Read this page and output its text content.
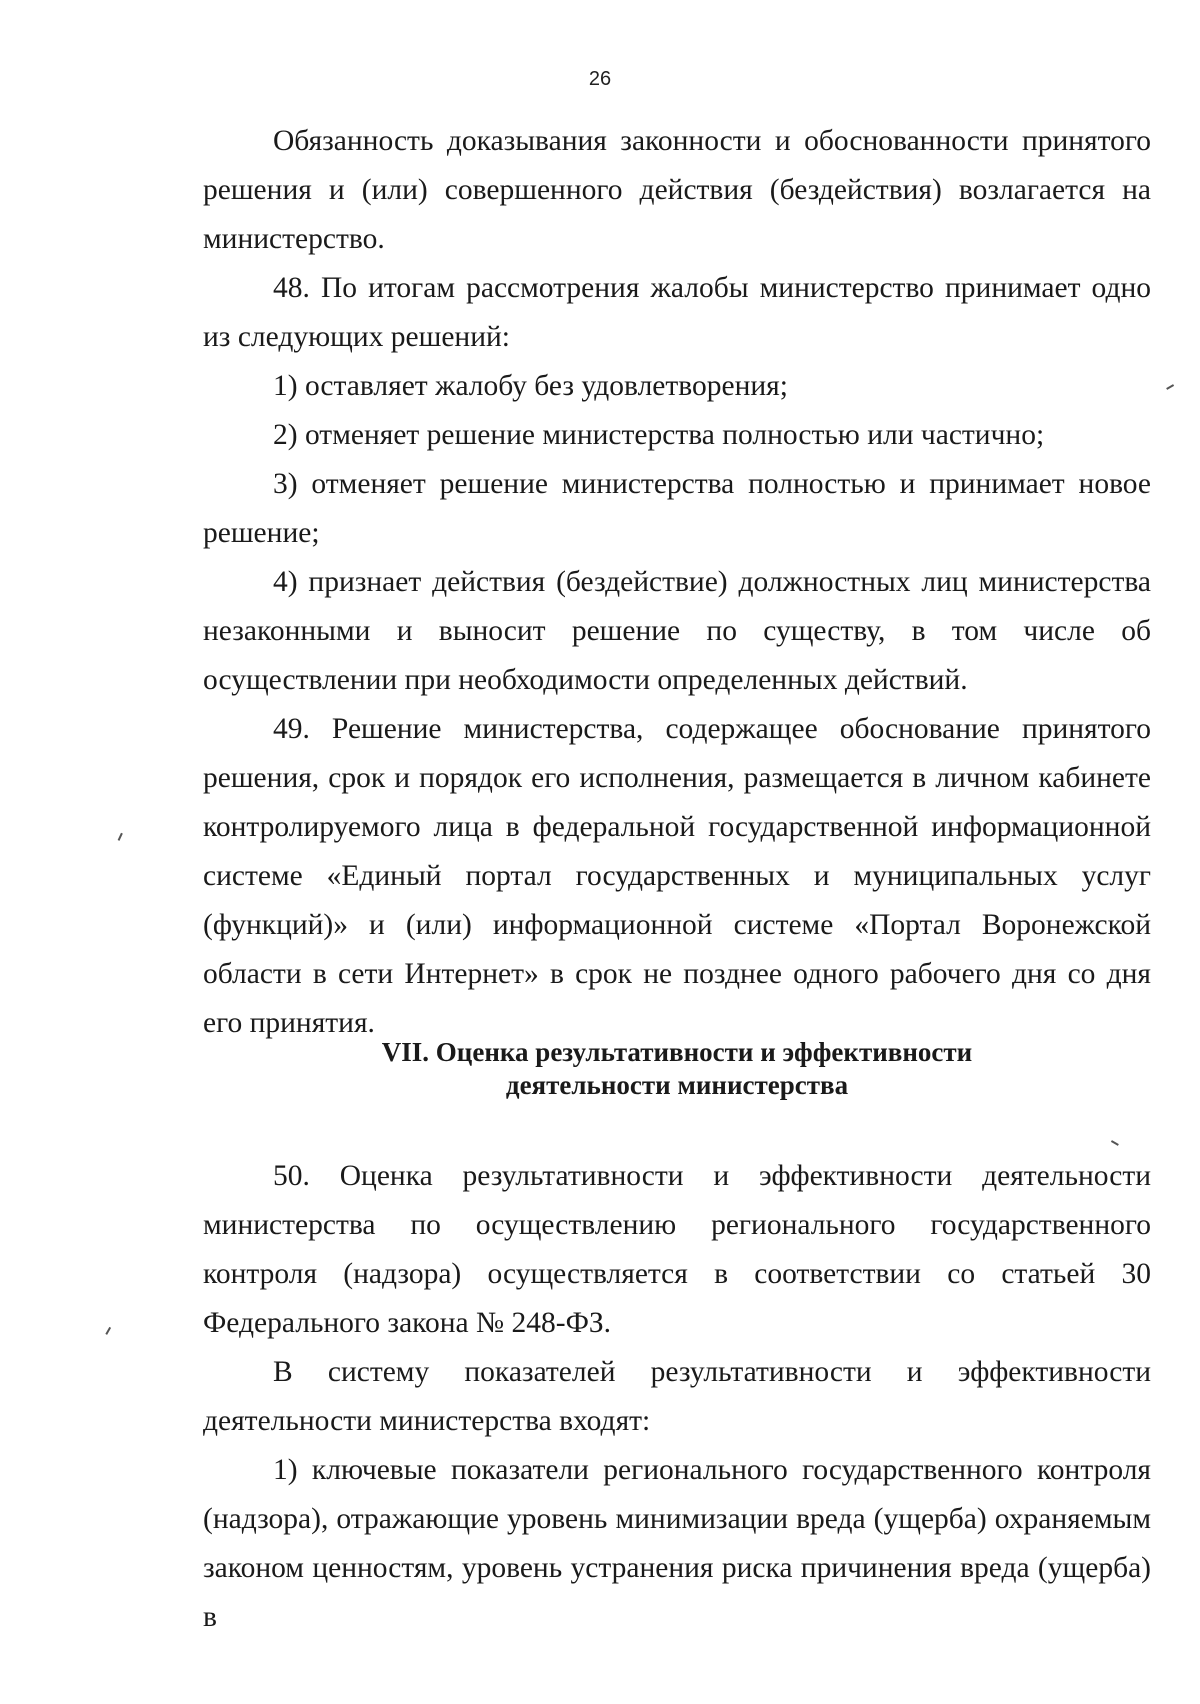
26

Обязанность доказывания законности и обоснованности принятого решения и (или) совершенного действия (бездействия) возлагается на министерство.

48. По итогам рассмотрения жалобы министерство принимает одно из следующих решений:

1) оставляет жалобу без удовлетворения;

2) отменяет решение министерства полностью или частично;

3) отменяет решение министерства полностью и принимает новое решение;

4) признает действия (бездействие) должностных лиц министерства незаконными и выносит решение по существу, в том числе об осуществлении при необходимости определенных действий.

49. Решение министерства, содержащее обоснование принятого решения, срок и порядок его исполнения, размещается в личном кабинете контролируемого лица в федеральной государственной информационной системе «Единый портал государственных и муниципальных услуг (функций)» и (или) информационной системе «Портал Воронежской области в сети Интернет» в срок не позднее одного рабочего дня со дня его принятия.

VII. Оценка результативности и эффективности
деятельности министерства

50. Оценка результативности и эффективности деятельности министерства по осуществлению регионального государственного контроля (надзора) осуществляется в соответствии со статьей 30 Федерального закона № 248-ФЗ.

В систему показателей результативности и эффективности деятельности министерства входят:

1) ключевые показатели регионального государственного контроля (надзора), отражающие уровень минимизации вреда (ущерба) охраняемым законом ценностям, уровень устранения риска причинения вреда (ущерба) в
